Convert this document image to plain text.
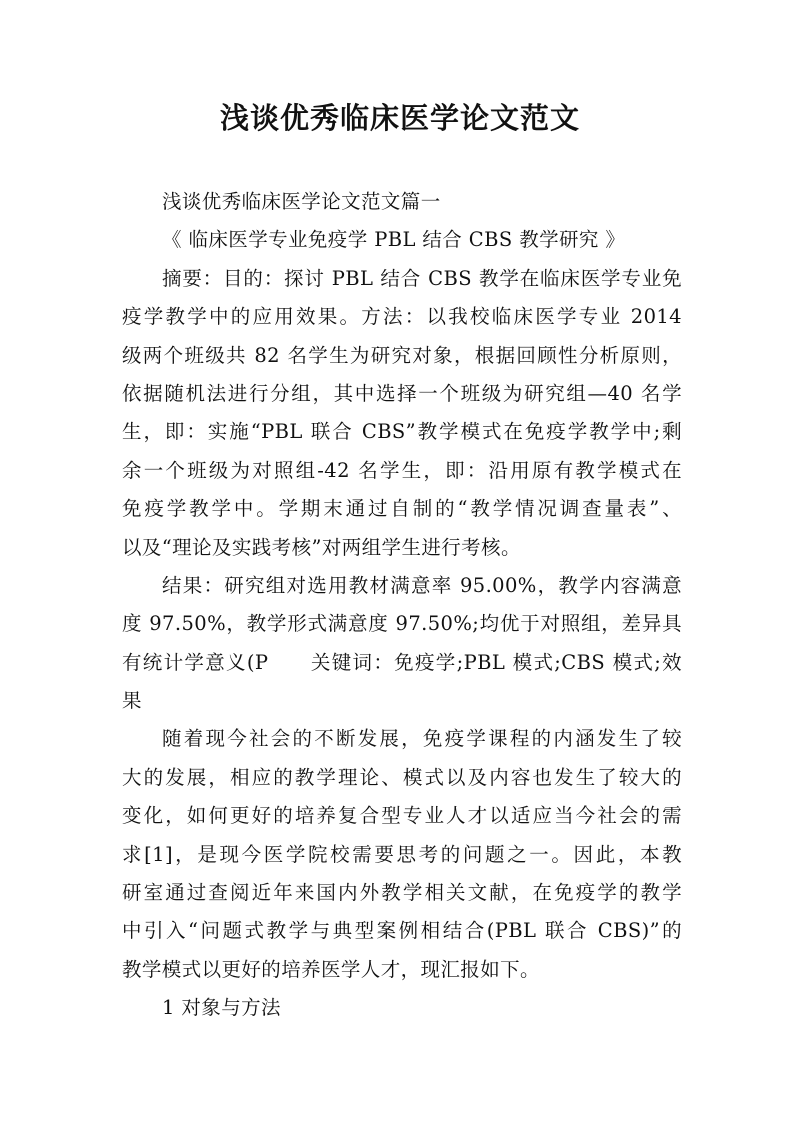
浅谈优秀临床医学论文范文
浅谈优秀临床医学论文范文篇一
《 临床医学专业免疫学 PBL 结合 CBS 教学研究 》
摘要：目的：探讨 PBL 结合 CBS 教学在临床医学专业免
疫学教学中的应用效果。方法：以我校临床医学专业 2014
级两个班级共 82 名学生为研究对象，根据回顾性分析原则，
依据随机法进行分组，其中选择一个班级为研究组—40 名学
生，即：实施“PBL 联合 CBS”教学模式在免疫学教学中;剩
余一个班级为对照组-42 名学生，即：沿用原有教学模式在
免疫学教学中。学期末通过自制的“教学情况调查量表”、
以及“理论及实践考核”对两组学生进行考核。
结果：研究组对选用教材满意率 95.00%，教学内容满意
度 97.50%，教学形式满意度 97.50%;均优于对照组，差异具
有统计学意义(P　　关键词：免疫学;PBL 模式;CBS 模式;效
果
随着现今社会的不断发展，免疫学课程的内涵发生了较
大的发展，相应的教学理论、模式以及内容也发生了较大的
变化，如何更好的培养复合型专业人才以适应当今社会的需
求[1]，是现今医学院校需要思考的问题之一。因此，本教
研室通过查阅近年来国内外教学相关文献，在免疫学的教学
中引入“问题式教学与典型案例相结合(PBL 联合 CBS)”的
教学模式以更好的培养医学人才，现汇报如下。
1 对象与方法
